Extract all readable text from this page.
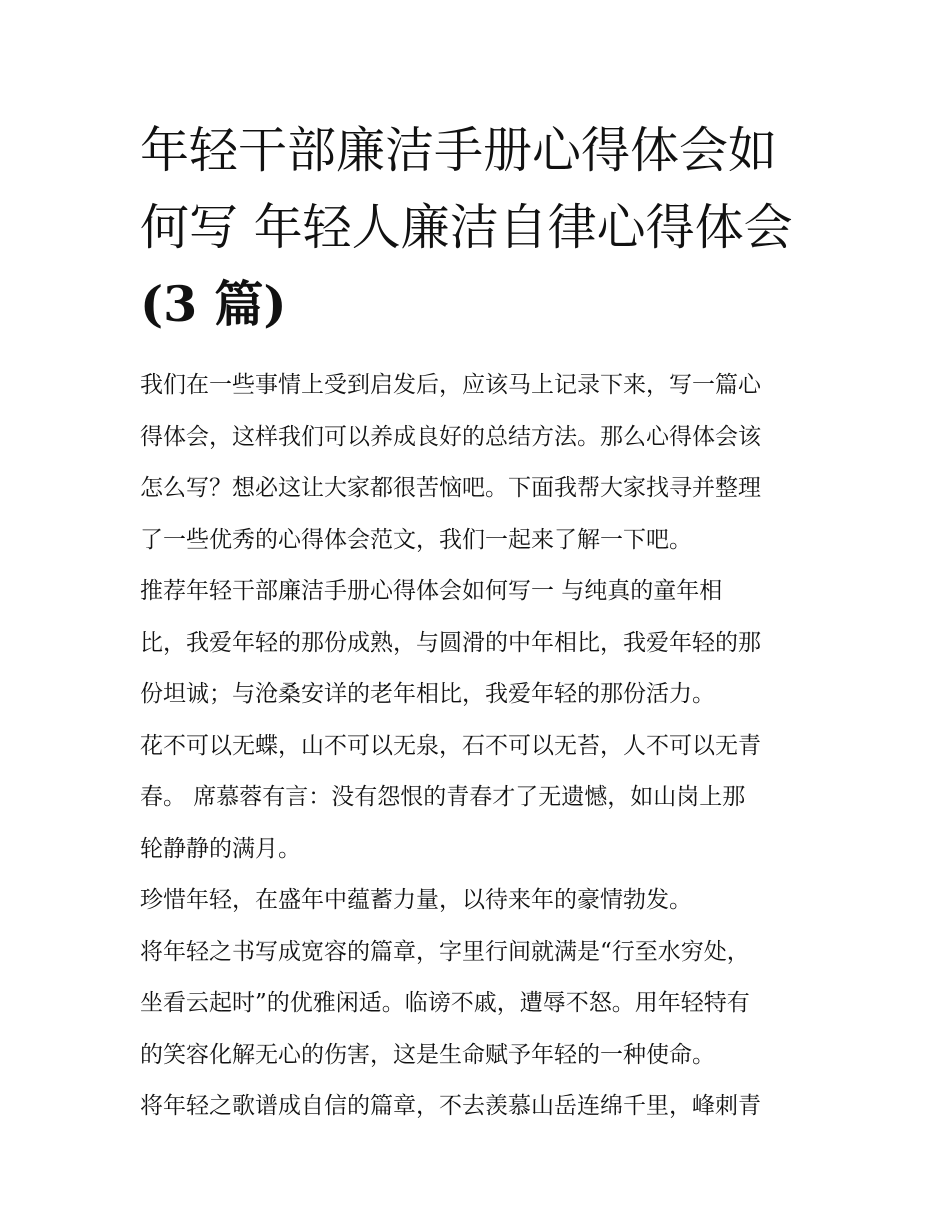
年轻干部廉洁手册心得体会如
何写 年轻人廉洁自律心得体会
(3 篇)
我们在一些事情上受到启发后，应该马上记录下来，写一篇心
得体会，这样我们可以养成良好的总结方法。那么心得体会该
怎么写？想必这让大家都很苦恼吧。下面我帮大家找寻并整理
了一些优秀的心得体会范文，我们一起来了解一下吧。
推荐年轻干部廉洁手册心得体会如何写一 与纯真的童年相
比，我爱年轻的那份成熟，与圆滑的中年相比，我爱年轻的那
份坦诚；与沧桑安详的老年相比，我爱年轻的那份活力。
花不可以无蝶，山不可以无泉，石不可以无苔，人不可以无青
春。 席慕蓉有言：没有怨恨的青春才了无遗憾，如山岗上那
轮静静的满月。
珍惜年轻，在盛年中蕴蓄力量，以待来年的豪情勃发。
将年轻之书写成宽容的篇章，字里行间就满是“行至水穷处，
坐看云起时”的优雅闲适。临谤不戚，遭辱不怒。用年轻特有
的笑容化解无心的伤害，这是生命赋予年轻的一种使命。
将年轻之歌谱成自信的篇章，不去羡慕山岳连绵千里，峰刺青
